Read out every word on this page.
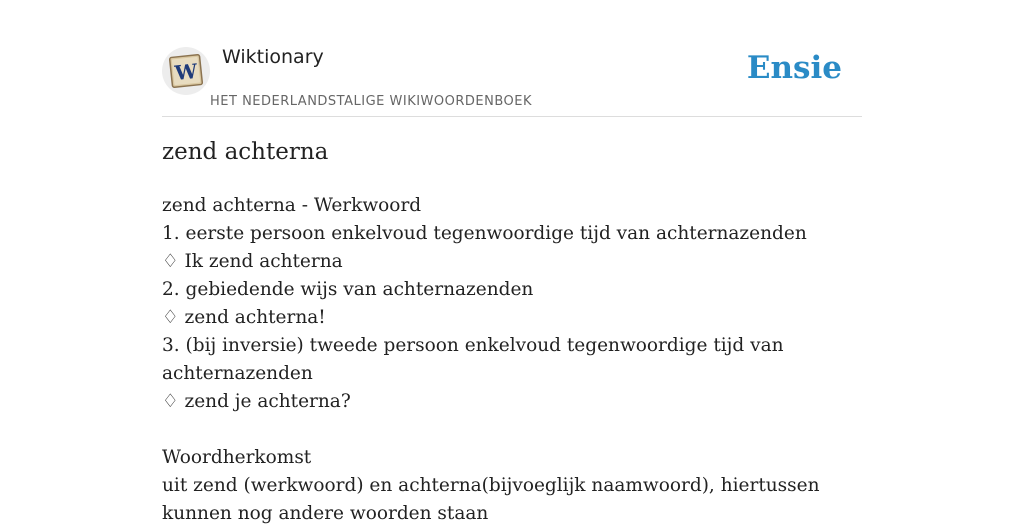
W
Wiktionary
HET NEDERLANDSTALIGE WIKIWOORDENBOEK
Ensie
zend achterna

zend achterna - Werkwoord

1. eerste persoon enkelvoud tegenwoordige tijd van achternazenden

♢ Ik zend achterna

2. gebiedende wijs van achternazenden

♢ zend achterna!

3. (bij inversie) tweede persoon enkelvoud tegenwoordige tijd van achternazenden

♢ zend je achterna?

Woordherkomst

uit zend (werkwoord) en achterna(bijvoeglijk naamwoord), hiertussen kunnen nog andere woorden staan
